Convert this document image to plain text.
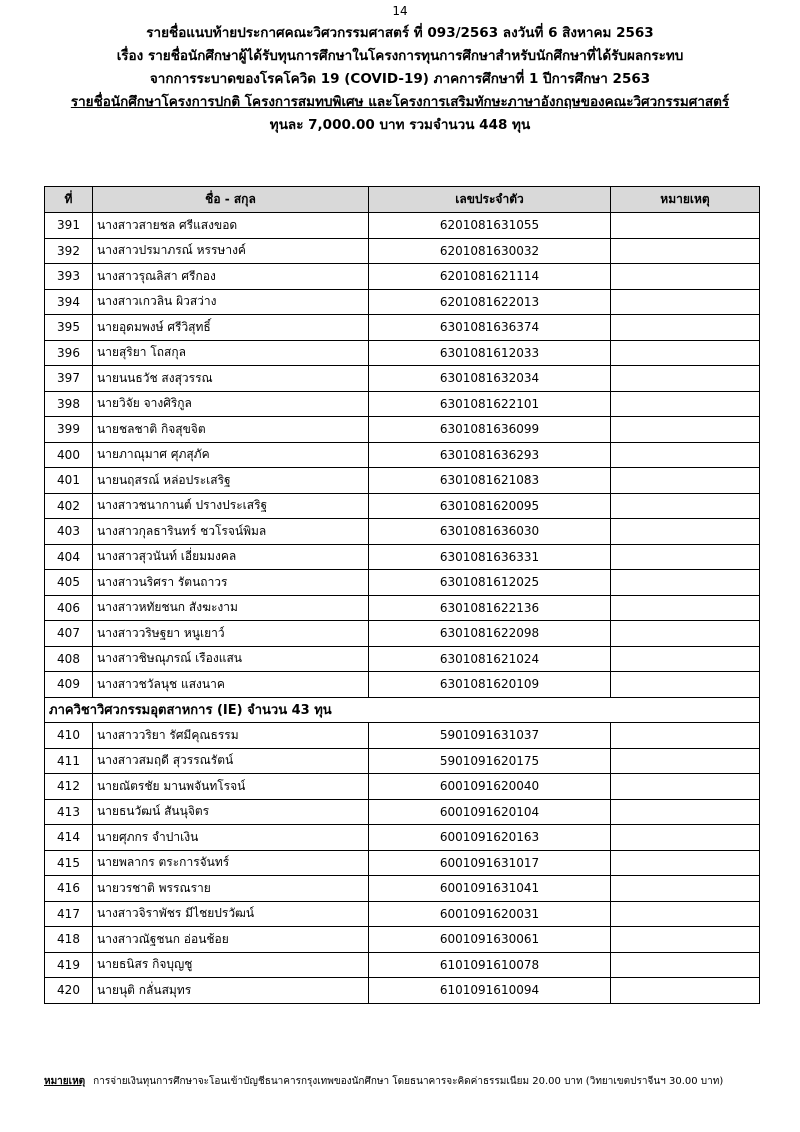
14
รายชื่อแนบท้ายประกาศคณะวิศวกรรมศาสตร์ ที่ 093/2563 ลงวันที่ 6 สิงหาคม 2563
เรื่อง รายชื่อนักศึกษาผู้ได้รับทุนการศึกษาในโครงการทุนการศึกษาสำหรับนักศึกษาที่ได้รับผลกระทบ
จากการระบาดของโรคโควิด 19 (COVID-19) ภาคการศึกษาที่ 1 ปีการศึกษา 2563
รายชื่อนักศึกษาโครงการปกติ โครงการสมทบพิเศษ และโครงการเสริมทักษะภาษาอังกฤษของคณะวิศวกรรมศาสตร์
ทุนละ 7,000.00 บาท รวมจำนวน 448 ทุน
ที่	ชื่อ - สกุล	เลขประจำตัว	หมายเหตุ
391	นางสาวสายชล ศรีแสงขอด	6201081631055	
392	นางสาวปรมาภรณ์ หรรษางค์	6201081630032	
393	นางสาวรุณลิสา ศรีกอง	6201081621114	
394	นางสาวเกวลิน ผิวสว่าง	6201081622013	
395	นายอุดมพงษ์ ศรีวิสุทธิ์	6301081636374	
396	นายสุริยา โถสกุล	6301081612033	
397	นายนนธวัช สงสุวรรณ	6301081632034	
398	นายวิจัย จางศิริกูล	6301081622101	
399	นายชลชาติ กิจสุขจิต	6301081636099	
400	นายภาณุมาศ ศุภสุภัค	6301081636293	
401	นายนฤสรณ์ หล่อประเสริฐ	6301081621083	
402	นางสาวชนากานต์ ปรางประเสริฐ	6301081620095	
403	นางสาวกุลธารินทร์ ชวโรจน์พิมล	6301081636030	
404	นางสาวสุวนันท์ เอี่ยมมงคล	6301081636331	
405	นางสาวนริศรา รัตนถาวร	6301081612025	
406	นางสาวหทัยชนก สังฆะงาม	6301081622136	
407	นางสาววริษฐยา หนูเยาว์	6301081622098	
408	นางสาวชิษณุภรณ์ เรืองแสน	6301081621024	
409	นางสาวชวัลนุช แสงนาค	6301081620109	
ภาควิชาวิศวกรรมอุตสาหการ (IE) จำนวน 43 ทุน			
410	นางสาววริยา รัศมีคุณธรรม	5901091631037	
411	นางสาวสมฤดี สุวรรณรัตน์	5901091620175	
412	นายณัตรชัย มานพจันทโรจน์	6001091620040	
413	นายธนวัฒน์ สันนุจิตร	6001091620104	
414	นายศุภกร จำปาเงิน	6001091620163	
415	นายพลากร ตระการจันทร์	6001091631017	
416	นายวรชาติ พรรณราย	6001091631041	
417	นางสาวจิราพัชร มีไชยปรวัฒน์	6001091620031	
418	นางสาวณัฐชนก อ่อนช้อย	6001091630061	
419	นายธนิสร กิจบุญชู	6101091610078	
420	นายนุติ กลั่นสมุทร	6101091610094	
หมายเหตุ การจ่ายเงินทุนการศึกษาจะโอนเข้าบัญชีธนาคารกรุงเทพของนักศึกษา โดยธนาคารจะคิดค่าธรรมเนียม 20.00 บาท (วิทยาเขตปราจีนฯ 30.00 บาท)
